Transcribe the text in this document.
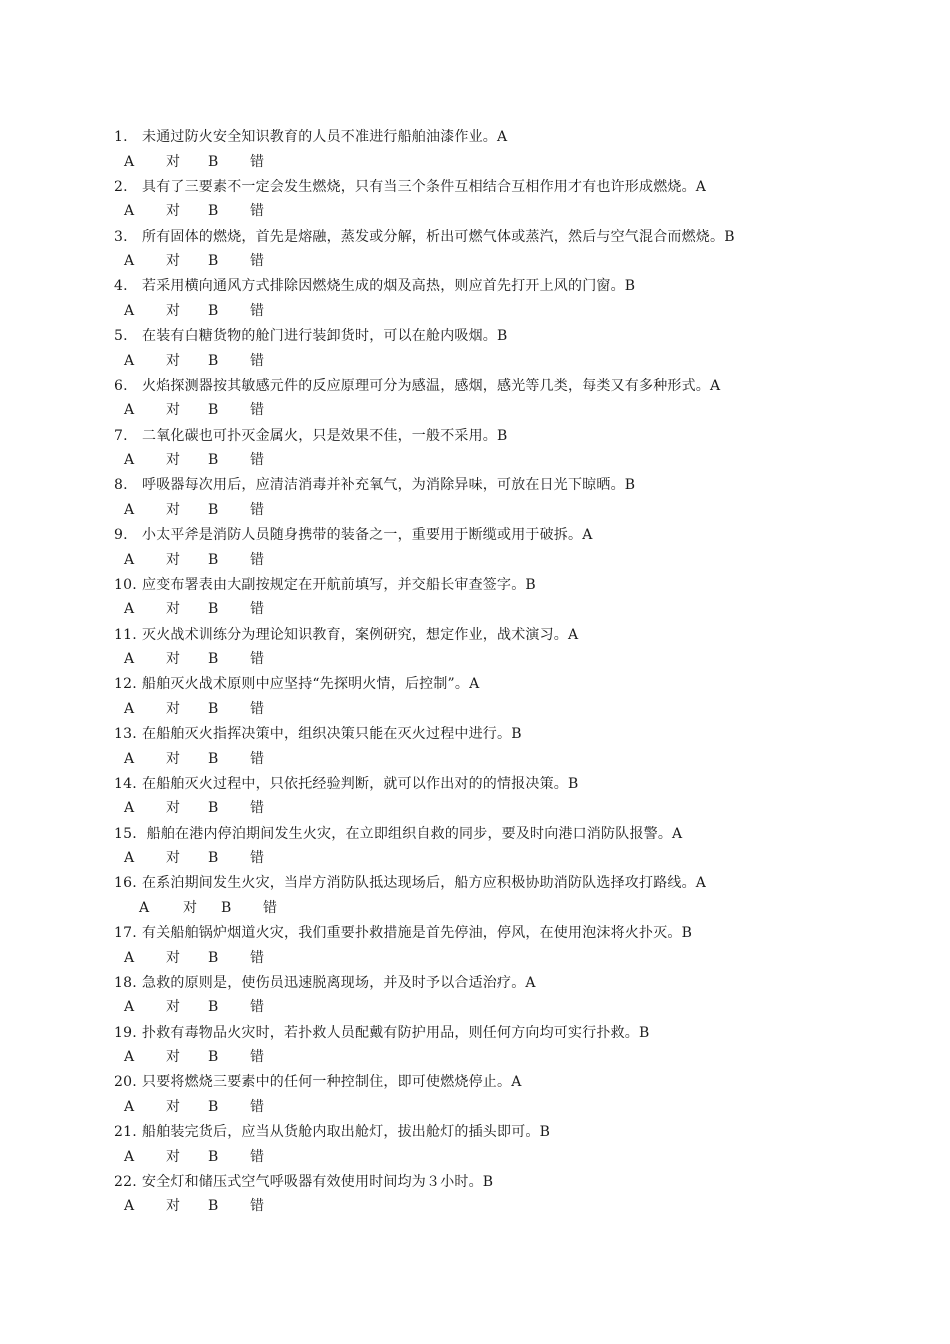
1. 未通过防火安全知识教育的人员不准进行船舶油漆作业。A
A 对 B 错
2. 具有了三要素不一定会发生燃烧，只有当三个条件互相结合互相作用才有也许形成燃烧。A
A 对 B 错
3. 所有固体的燃烧，首先是熔融，蒸发或分解，析出可燃气体或蒸汽，然后与空气混合而燃烧。B
A 对 B 错
4. 若采用横向通风方式排除因燃烧生成的烟及高热，则应首先打开上风的门窗。B
A 对 B 错
5. 在装有白糖货物的舱门进行装卸货时，可以在舱内吸烟。B
A 对 B 错
6. 火焰探测器按其敏感元件的反应原理可分为感温，感烟，感光等几类，每类又有多种形式。A
A 对 B 错
7. 二氧化碳也可扑灭金属火，只是效果不佳，一般不采用。B
A 对 B 错
8. 呼吸器每次用后，应清洁消毒并补充氧气，为消除异味，可放在日光下晾晒。B
A 对 B 错
9. 小太平斧是消防人员随身携带的装备之一，重要用于断缆或用于破拆。A
A 对 B 错
10. 应变布署表由大副按规定在开航前填写，并交船长审查签字。B
A 对 B 错
11. 灭火战术训练分为理论知识教育，案例研究，想定作业，战术演习。A
A 对 B 错
12. 船舶灭火战术原则中应坚持“先探明火情，后控制”。A
A 对 B 错
13. 在船舶灭火指挥决策中，组织决策只能在灭火过程中进行。B
A 对 B 错
14. 在船舶灭火过程中，只依托经验判断，就可以作出对的的情报决策。B
A 对 B 错
15. 船舶在港内停泊期间发生火灾，在立即组织自救的同步，要及时向港口消防队报警。A
A 对 B 错
16. 在系泊期间发生火灾，当岸方消防队抵达现场后，船方应积极协助消防队选择攻打路线。A
A 对 B 错
17. 有关船舶锅炉烟道火灾，我们重要扑救措施是首先停油，停风，在使用泡沫将火扑灭。B
A 对 B 错
18. 急救的原则是，使伤员迅速脱离现场，并及时予以合适治疗。A
A 对 B 错
19. 扑救有毒物品火灾时，若扑救人员配戴有防护用品，则任何方向均可实行扑救。B
A 对 B 错
20. 只要将燃烧三要素中的任何一种控制住，即可使燃烧停止。A
A 对 B 错
21. 船舶装完货后，应当从货舱内取出舱灯，拔出舱灯的插头即可。B
A 对 B 错
22. 安全灯和储压式空气呼吸器有效使用时间均为３小时。B
A 对 B 错
